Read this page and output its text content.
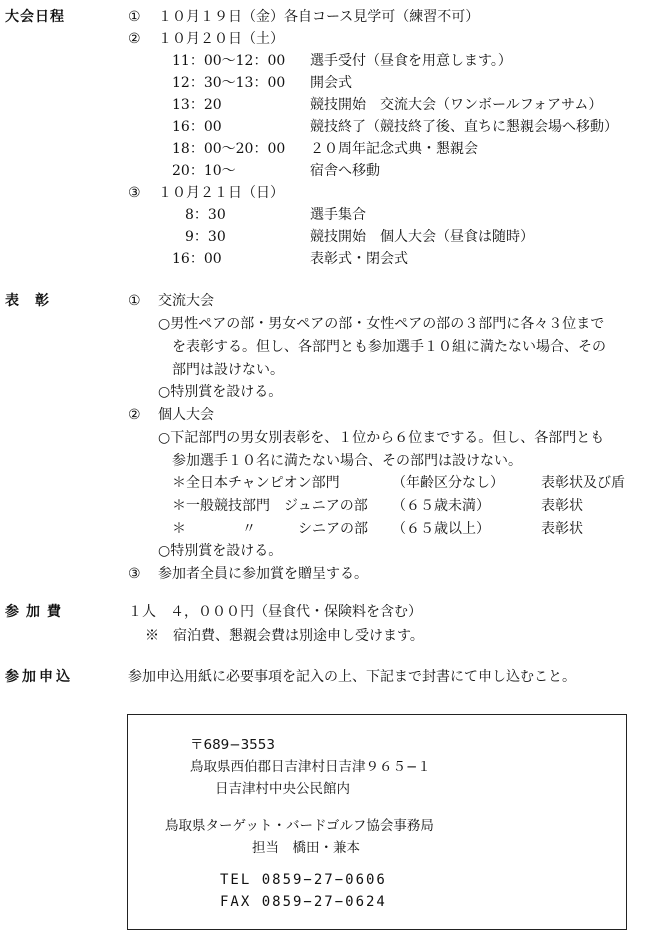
大会日程	① １０月１９日（金）各自コース見学可（練習不可）
② １０月２０日（土）
11：00〜12：00 選手受付（昼食を用意します。）
12：30〜13：00 開会式
13：20	競技開始　交流大会（ワンボールフォアサム）
16：00	競技終了（競技終了後、直ちに懇親会場へ移動）
18：00〜20：00 ２０周年記念式典・懇親会
20：10〜	宿舎へ移動
③ １０月２１日（日）
8：30	選手集合
9：30	競技開始　個人大会（昼食は随時）
16：00	表彰式・閉会式
表　彰	① 交流大会
○男性ペアの部・男女ペアの部・女性ペアの部の３部門に各々３位まで
を表彰する。但し、各部門とも参加選手１０組に満たない場合、その
部門は設けない。
○特別賞を設ける。
② 個人大会
○下記部門の男女別表彰を、１位から６位までする。但し、各部門とも
参加選手１０名に満たない場合、その部門は設けない。
＊全日本チャンピオン部門	（年齢区分なし）	表彰状及び盾
＊一般競技部門　ジュニアの部 （６５歳未満）	表彰状
＊　　　　〃　　　シニアの部 （６５歳以上）	表彰状
○特別賞を設ける。
③ 参加者全員に参加賞を贈呈する。
参加費	１人　４，０００円（昼食代・保険料を含む）
※　宿泊費、懇親会費は別途申し受けます。
参加申込	参加申込用紙に必要事項を記入の上、下記まで封書にて申し込むこと。
〒689−3553
鳥取県西伯郡日吉津村日吉津９６５−１
日吉津村中央公民館内
鳥取県ターゲット・バードゴルフ協会事務局
担当　橋田・兼本
TEL 0859−27−0606
FAX 0859−27−0624
